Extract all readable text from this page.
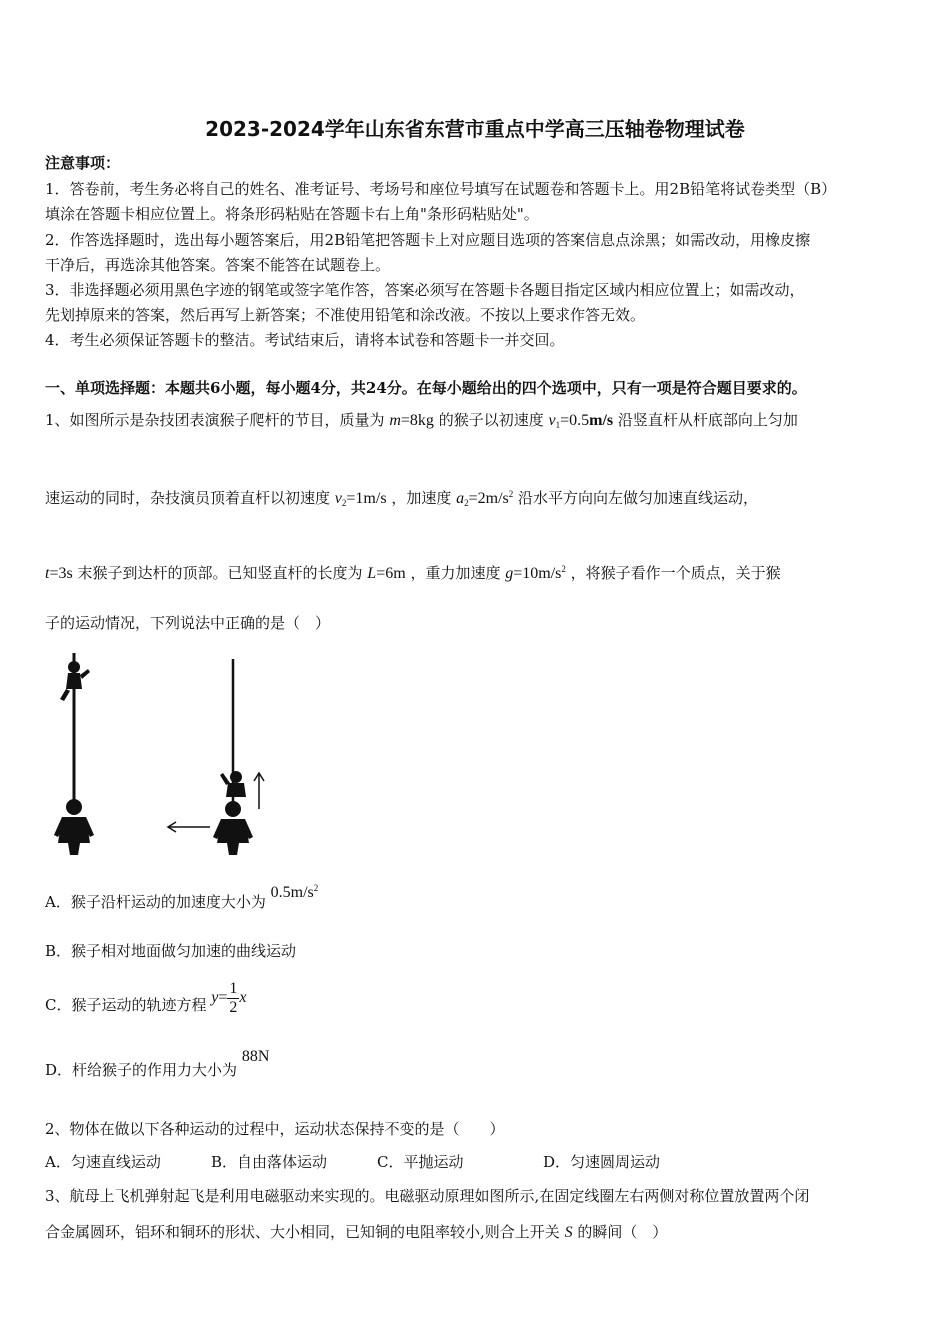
2023-2024学年山东省东营市重点中学高三压轴卷物理试卷
注意事项：
1．答卷前，考生务必将自己的姓名、准考证号、考场号和座位号填写在试题卷和答题卡上。用2B铅笔将试卷类型（B）
填涂在答题卡相应位置上。将条形码粘贴在答题卡右上角"条形码粘贴处"。
2．作答选择题时，选出每小题答案后，用2B铅笔把答题卡上对应题目选项的答案信息点涂黑；如需改动，用橡皮擦
干净后，再选涂其他答案。答案不能答在试题卷上。
3．非选择题必须用黑色字迹的钢笔或签字笔作答，答案必须写在答题卡各题目指定区域内相应位置上；如需改动，
先划掉原来的答案，然后再写上新答案；不准使用铅笔和涂改液。不按以上要求作答无效。
4．考生必须保证答题卡的整洁。考试结束后，请将本试卷和答题卡一并交回。
一、单项选择题：本题共6小题，每小题4分，共24分。在每小题给出的四个选项中，只有一项是符合题目要求的。
1、如图所示是杂技团表演猴子爬杆的节目，质量为 m=8kg 的猴子以初速度 $v_1=0.5m/s$ 沿竖直杆从杆底部向上匀加
速运动的同时，杂技演员顶着直杆以初速度 $v_2=1m/s$ ，加速度 $a_2=2m/s^2$ 沿水平方向向左做匀加速直线运动，
t=3s 末猴子到达杆的顶部。已知竖直杆的长度为 L=6m ，重力加速度 $g=10m/s^2$ ，将猴子看作一个质点，关于猴
子的运动情况，下列说法中正确的是（　）
A．猴子沿杆运动的加速度大小为 $0.5m/s^2$
B．猴子相对地面做匀加速的曲线运动
C．猴子运动的轨迹方程 $y= \frac{1}{2}$ x
D．杆给猴子的作用力大小为 88N
2、物体在做以下各种运动的过程中，运动状态保持不变的是（　　）
A．匀速直线运动	B．自由落体运动	C．平抛运动	D．匀速圆周运动
3、航母上飞机弹射起飞是利用电磁驱动来实现的。电磁驱动原理如图所示,在固定线圈左右两侧对称位置放置两个闭
合金属圆环，铝环和铜环的形状、大小相同，已知铜的电阻率较小,则合上开关 S 的瞬间（　）
